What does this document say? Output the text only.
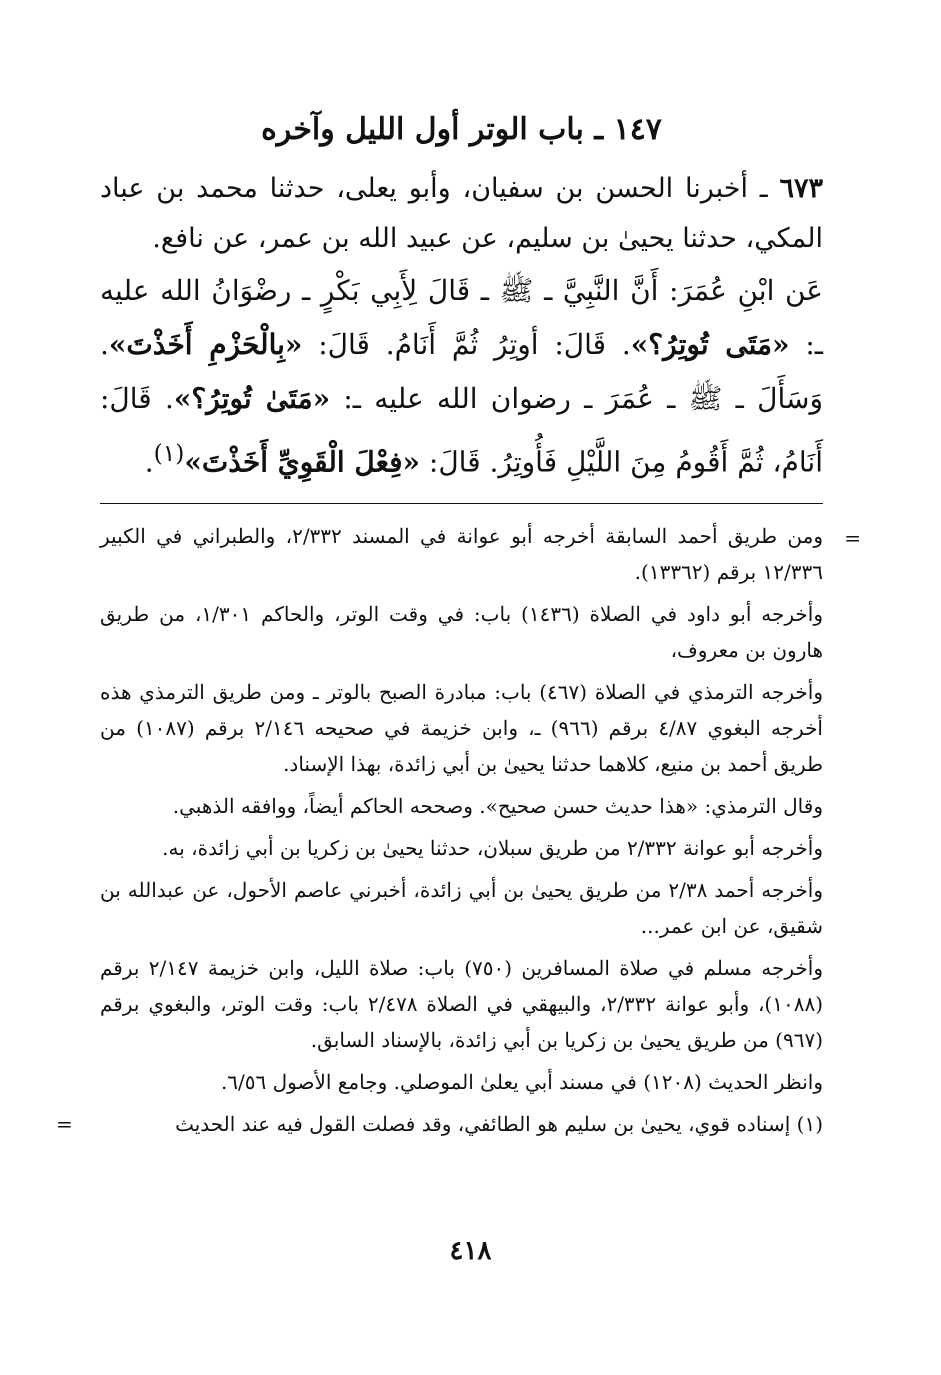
١٤٧ ـ باب الوتر أول الليل وآخره

٦٧٣ ـ أخبرنا الحسن بن سفيان، وأبو يعلى، حدثنا محمد بن عباد المكي، حدثنا يحيىٰ بن سليم، عن عبيد الله بن عمر، عن نافع.

عَن ابْنِ عُمَرَ: أَنَّ النَّبِيَّ ـ ﷺ ـ قَالَ لِأَبِي بَكْرٍ ـ رضْوَانُ الله عليه ـ: «مَتَى تُوتِرُ؟». قَالَ: أوتِرُ ثُمَّ أَنَامُ. قَالَ: «بِالْحَزْمِ أَخَذْتَ». وَسَأَلَ ـ ﷺ ـ عُمَرَ ـ رضوان الله عليه ـ: «مَتَىٰ تُوتِرُ؟». قَالَ: أَنَامُ، ثُمَّ أَقُومُ مِنَ اللَّيْلِ فَأُوتِرُ. قَالَ: «فِعْلَ الْقَوِيِّ أَخَذْتَ»$^{(١)}$.

=

ومن طريق أحمد السابقة أخرجه أبو عوانة في المسند ٢/٣٣٢، والطبراني في الكبير ١٢/٣٣٦ برقم (١٣٣٦٢).

وأخرجه أبو داود في الصلاة (١٤٣٦) باب: في وقت الوتر، والحاكم ١/٣٠١، من طريق هارون بن معروف،

وأخرجه الترمذي في الصلاة (٤٦٧) باب: مبادرة الصبح بالوتر ـ ومن طريق الترمذي هذه أخرجه البغوي ٤/٨٧ برقم (٩٦٦) ـ، وابن خزيمة في صحيحه ٢/١٤٦ برقم (١٠٨٧) من طريق أحمد بن منيع، كلاهما حدثنا يحيىٰ بن أبي زائدة، بهذا الإسناد.

وقال الترمذي: «هذا حديث حسن صحيح». وصححه الحاكم أيضاً، ووافقه الذهبي.

وأخرجه أبو عوانة ٢/٣٣٢ من طريق سبلان، حدثنا يحيىٰ بن زكريا بن أبي زائدة، به.

وأخرجه أحمد ٢/٣٨ من طريق يحيىٰ بن أبي زائدة، أخبرني عاصم الأحول، عن عبدالله بن شقيق، عن ابن عمر...

وأخرجه مسلم في صلاة المسافرين (٧٥٠) باب: صلاة الليل، وابن خزيمة ٢/١٤٧ برقم (١٠٨٨)، وأبو عوانة ٢/٣٣٢، والبيهقي في الصلاة ٢/٤٧٨ باب: وقت الوتر، والبغوي برقم (٩٦٧) من طريق يحيىٰ بن زكريا بن أبي زائدة، بالإسناد السابق.

وانظر الحديث (١٢٠٨) في مسند أبي يعلىٰ الموصلي. وجامع الأصول ٦/٥٦.

(١) إسناده قوي، يحيىٰ بن سليم هو الطائفي، وقد فصلت القول فيه عند الحديث
=

٤١٨
